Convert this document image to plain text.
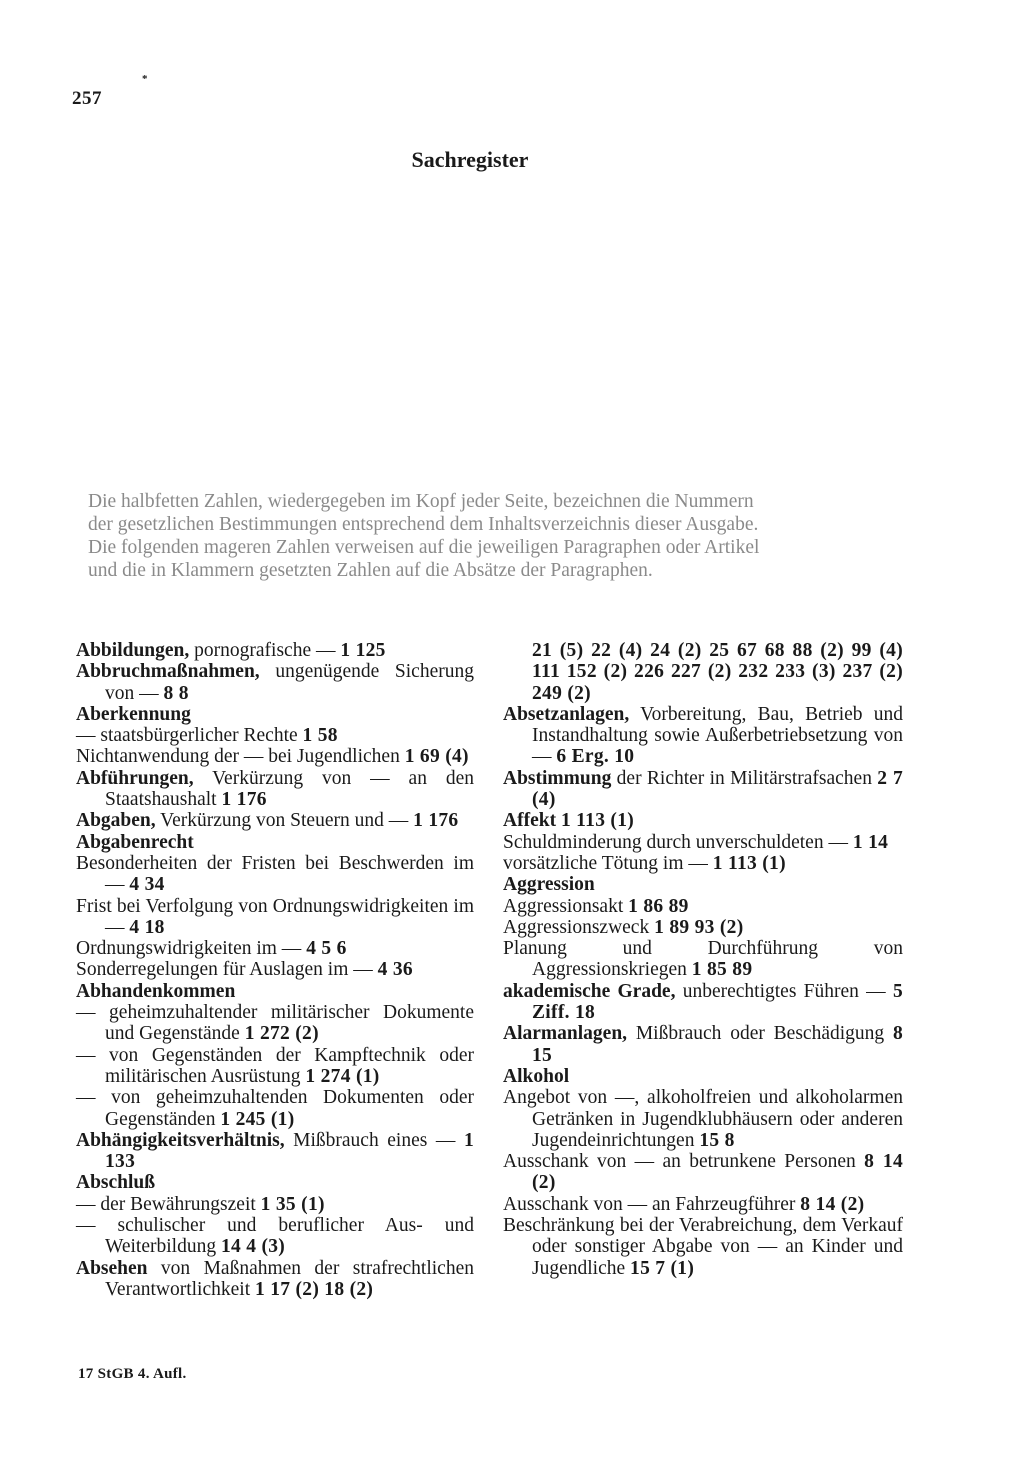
257
*
Sachregister
Die halbfetten Zahlen, wiedergegeben im Kopf jeder Seite, bezeichnen die Nummern
der gesetzlichen Bestimmungen entsprechend dem Inhaltsverzeichnis dieser Ausgabe.
Die folgenden mageren Zahlen verweisen auf die jeweiligen Paragraphen oder Artikel
und die in Klammern gesetzten Zahlen auf die Absätze der Paragraphen.

Abbildungen, pornografische — 1 125

Abbruchmaßnahmen, ungenügende Sicherung von — 8 8

Aberkennung

— staatsbürgerlicher Rechte 1 58

Nichtanwendung der — bei Jugendlichen 1 69 (4)

Abführungen, Verkürzung von — an den Staatshaushalt 1 176

Abgaben, Verkürzung von Steuern und — 1 176

Abgabenrecht

Besonderheiten der Fristen bei Beschwerden im — 4 34

Frist bei Verfolgung von Ordnungswidrigkeiten im — 4 18

Ordnungswidrigkeiten im — 4 5 6

Sonderregelungen für Auslagen im — 4 36

Abhandenkommen

— geheimzuhaltender militärischer Dokumente und Gegenstände 1 272 (2)

— von Gegenständen der Kampftechnik oder militärischen Ausrüstung 1 274 (1)

— von geheimzuhaltenden Dokumenten oder Gegenständen 1 245 (1)

Abhängigkeitsverhältnis, Mißbrauch eines — 1 133

Abschluß

— der Bewährungszeit 1 35 (1)

— schulischer und beruflicher Aus- und Weiterbildung 14 4 (3)

Absehen von Maßnahmen der strafrechtlichen Verantwortlichkeit 1 17 (2) 18 (2)

21 (5) 22 (4) 24 (2) 25 67 68 88 (2) 99 (4) 111 152 (2) 226 227 (2) 232 233 (3) 237 (2) 249 (2)

Absetzanlagen, Vorbereitung, Bau, Betrieb und Instandhaltung sowie Außerbetriebsetzung von — 6 Erg. 10

Abstimmung der Richter in Militärstrafsachen 2 7 (4)

Affekt 1 113 (1)

Schuldminderung durch unverschuldeten — 1 14

vorsätzliche Tötung im — 1 113 (1)

Aggression

Aggressionsakt 1 86 89

Aggressionszweck 1 89 93 (2)

Planung und Durchführung von Aggressionskriegen 1 85 89

akademische Grade, unberechtigtes Führen — 5 Ziff. 18

Alarmanlagen, Mißbrauch oder Beschädigung 8 15

Alkohol

Angebot von —, alkoholfreien und alkoholarmen Getränken in Jugendklubhäusern oder anderen Jugendeinrichtungen 15 8

Ausschank von — an betrunkene Personen 8 14 (2)

Ausschank von — an Fahrzeugführer 8 14 (2)

Beschränkung bei der Verabreichung, dem Verkauf oder sonstiger Abgabe von — an Kinder und Jugendliche 15 7 (1)

17 StGB 4. Aufl.
